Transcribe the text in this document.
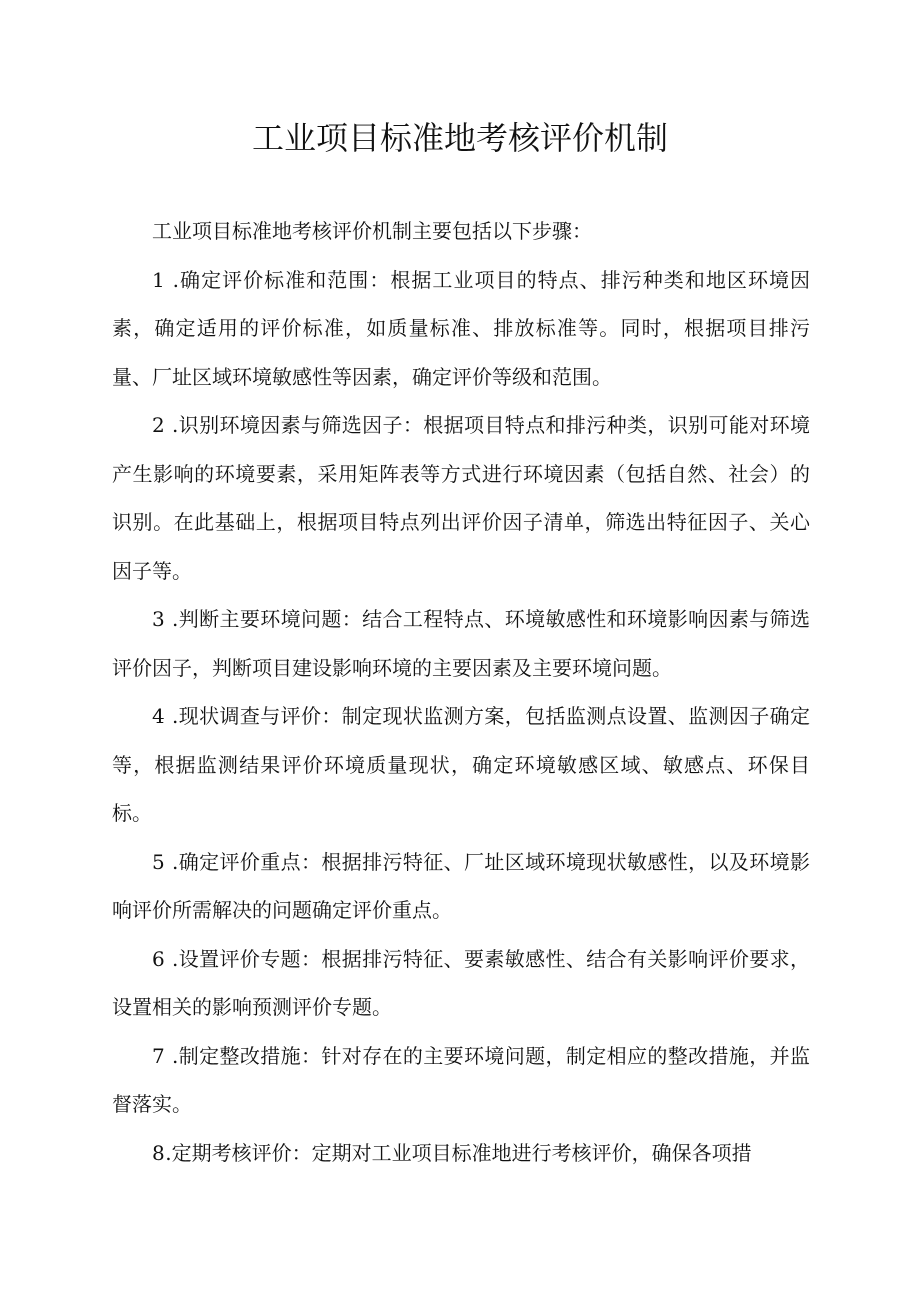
工业项目标准地考核评价机制

工业项目标准地考核评价机制主要包括以下步骤：

1 .确定评价标准和范围：根据工业项目的特点、排污种类和地区环境因素，确定适用的评价标准，如质量标准、排放标准等。同时，根据项目排污量、厂址区域环境敏感性等因素，确定评价等级和范围。

2 .识别环境因素与筛选因子：根据项目特点和排污种类，识别可能对环境产生影响的环境要素，采用矩阵表等方式进行环境因素（包括自然、社会）的识别。在此基础上，根据项目特点列出评价因子清单，筛选出特征因子、关心因子等。

3 .判断主要环境问题：结合工程特点、环境敏感性和环境影响因素与筛选评价因子，判断项目建设影响环境的主要因素及主要环境问题。

4 .现状调查与评价：制定现状监测方案，包括监测点设置、监测因子确定等，根据监测结果评价环境质量现状，确定环境敏感区域、敏感点、环保目标。

5 .确定评价重点：根据排污特征、厂址区域环境现状敏感性，以及环境影响评价所需解决的问题确定评价重点。

6 .设置评价专题：根据排污特征、要素敏感性、结合有关影响评价要求，设置相关的影响预测评价专题。

7 .制定整改措施：针对存在的主要环境问题，制定相应的整改措施，并监督落实。

8.定期考核评价：定期对工业项目标准地进行考核评价，确保各项措
